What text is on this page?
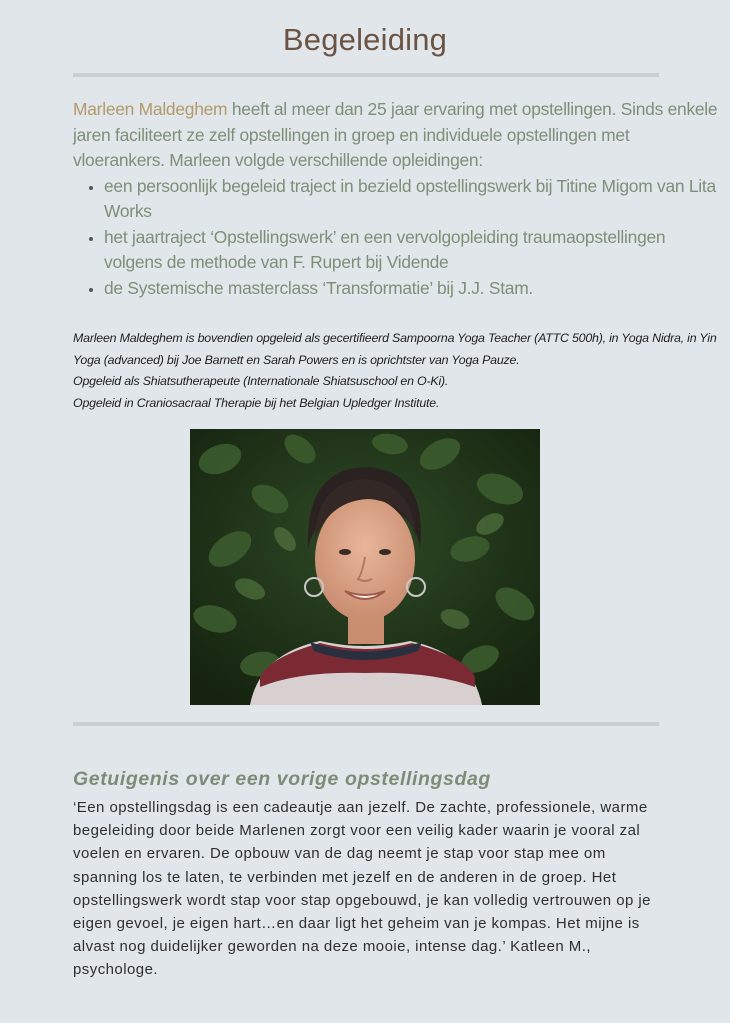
Begeleiding
Marleen Maldeghem heeft al meer dan 25 jaar ervaring met opstellingen. Sinds enkele jaren faciliteert ze zelf opstellingen in groep en individuele opstellingen met vloerankers. Marleen volgde verschillende opleidingen:
• een persoonlijk begeleid traject in bezield opstellingswerk bij Titine Migom van Lita Works
• het jaartraject ‘Opstellingswerk’ en een vervolgopleiding traumaopstellingen volgens de methode van F. Rupert bij Vidende
• de Systemische masterclass ‘Transformatie’ bij J.J. Stam.

Marleen Maldeghem is bovendien opgeleid als gecertifieerd Sampoorna Yoga Teacher (ATTC 500h), in Yoga Nidra, in Yin Yoga (advanced) bij Joe Barnett en Sarah Powers en is oprichtster van Yoga Pauze.

Opgeleid als Shiatsutherapeute (Internationale Shiatsuschool en O-Ki).

Opgeleid in Craniosacraal Therapie bij het Belgian Upledger Institute.

Getuigenis over een vorige opstellingsdag

‘Een opstellingsdag is een cadeautje aan jezelf. De zachte, professionele, warme begeleiding door beide Marlenen zorgt voor een veilig kader waarin je vooral zal voelen en ervaren. De opbouw van de dag neemt je stap voor stap mee om spanning los te laten, te verbinden met jezelf en de anderen in de groep. Het opstellingswerk wordt stap voor stap opgebouwd, je kan volledig vertrouwen op je eigen gevoel, je eigen hart…en daar ligt het geheim van je kompas. Het mijne is alvast nog duidelijker geworden na deze mooie, intense dag.’ Katleen M., psychologe.
